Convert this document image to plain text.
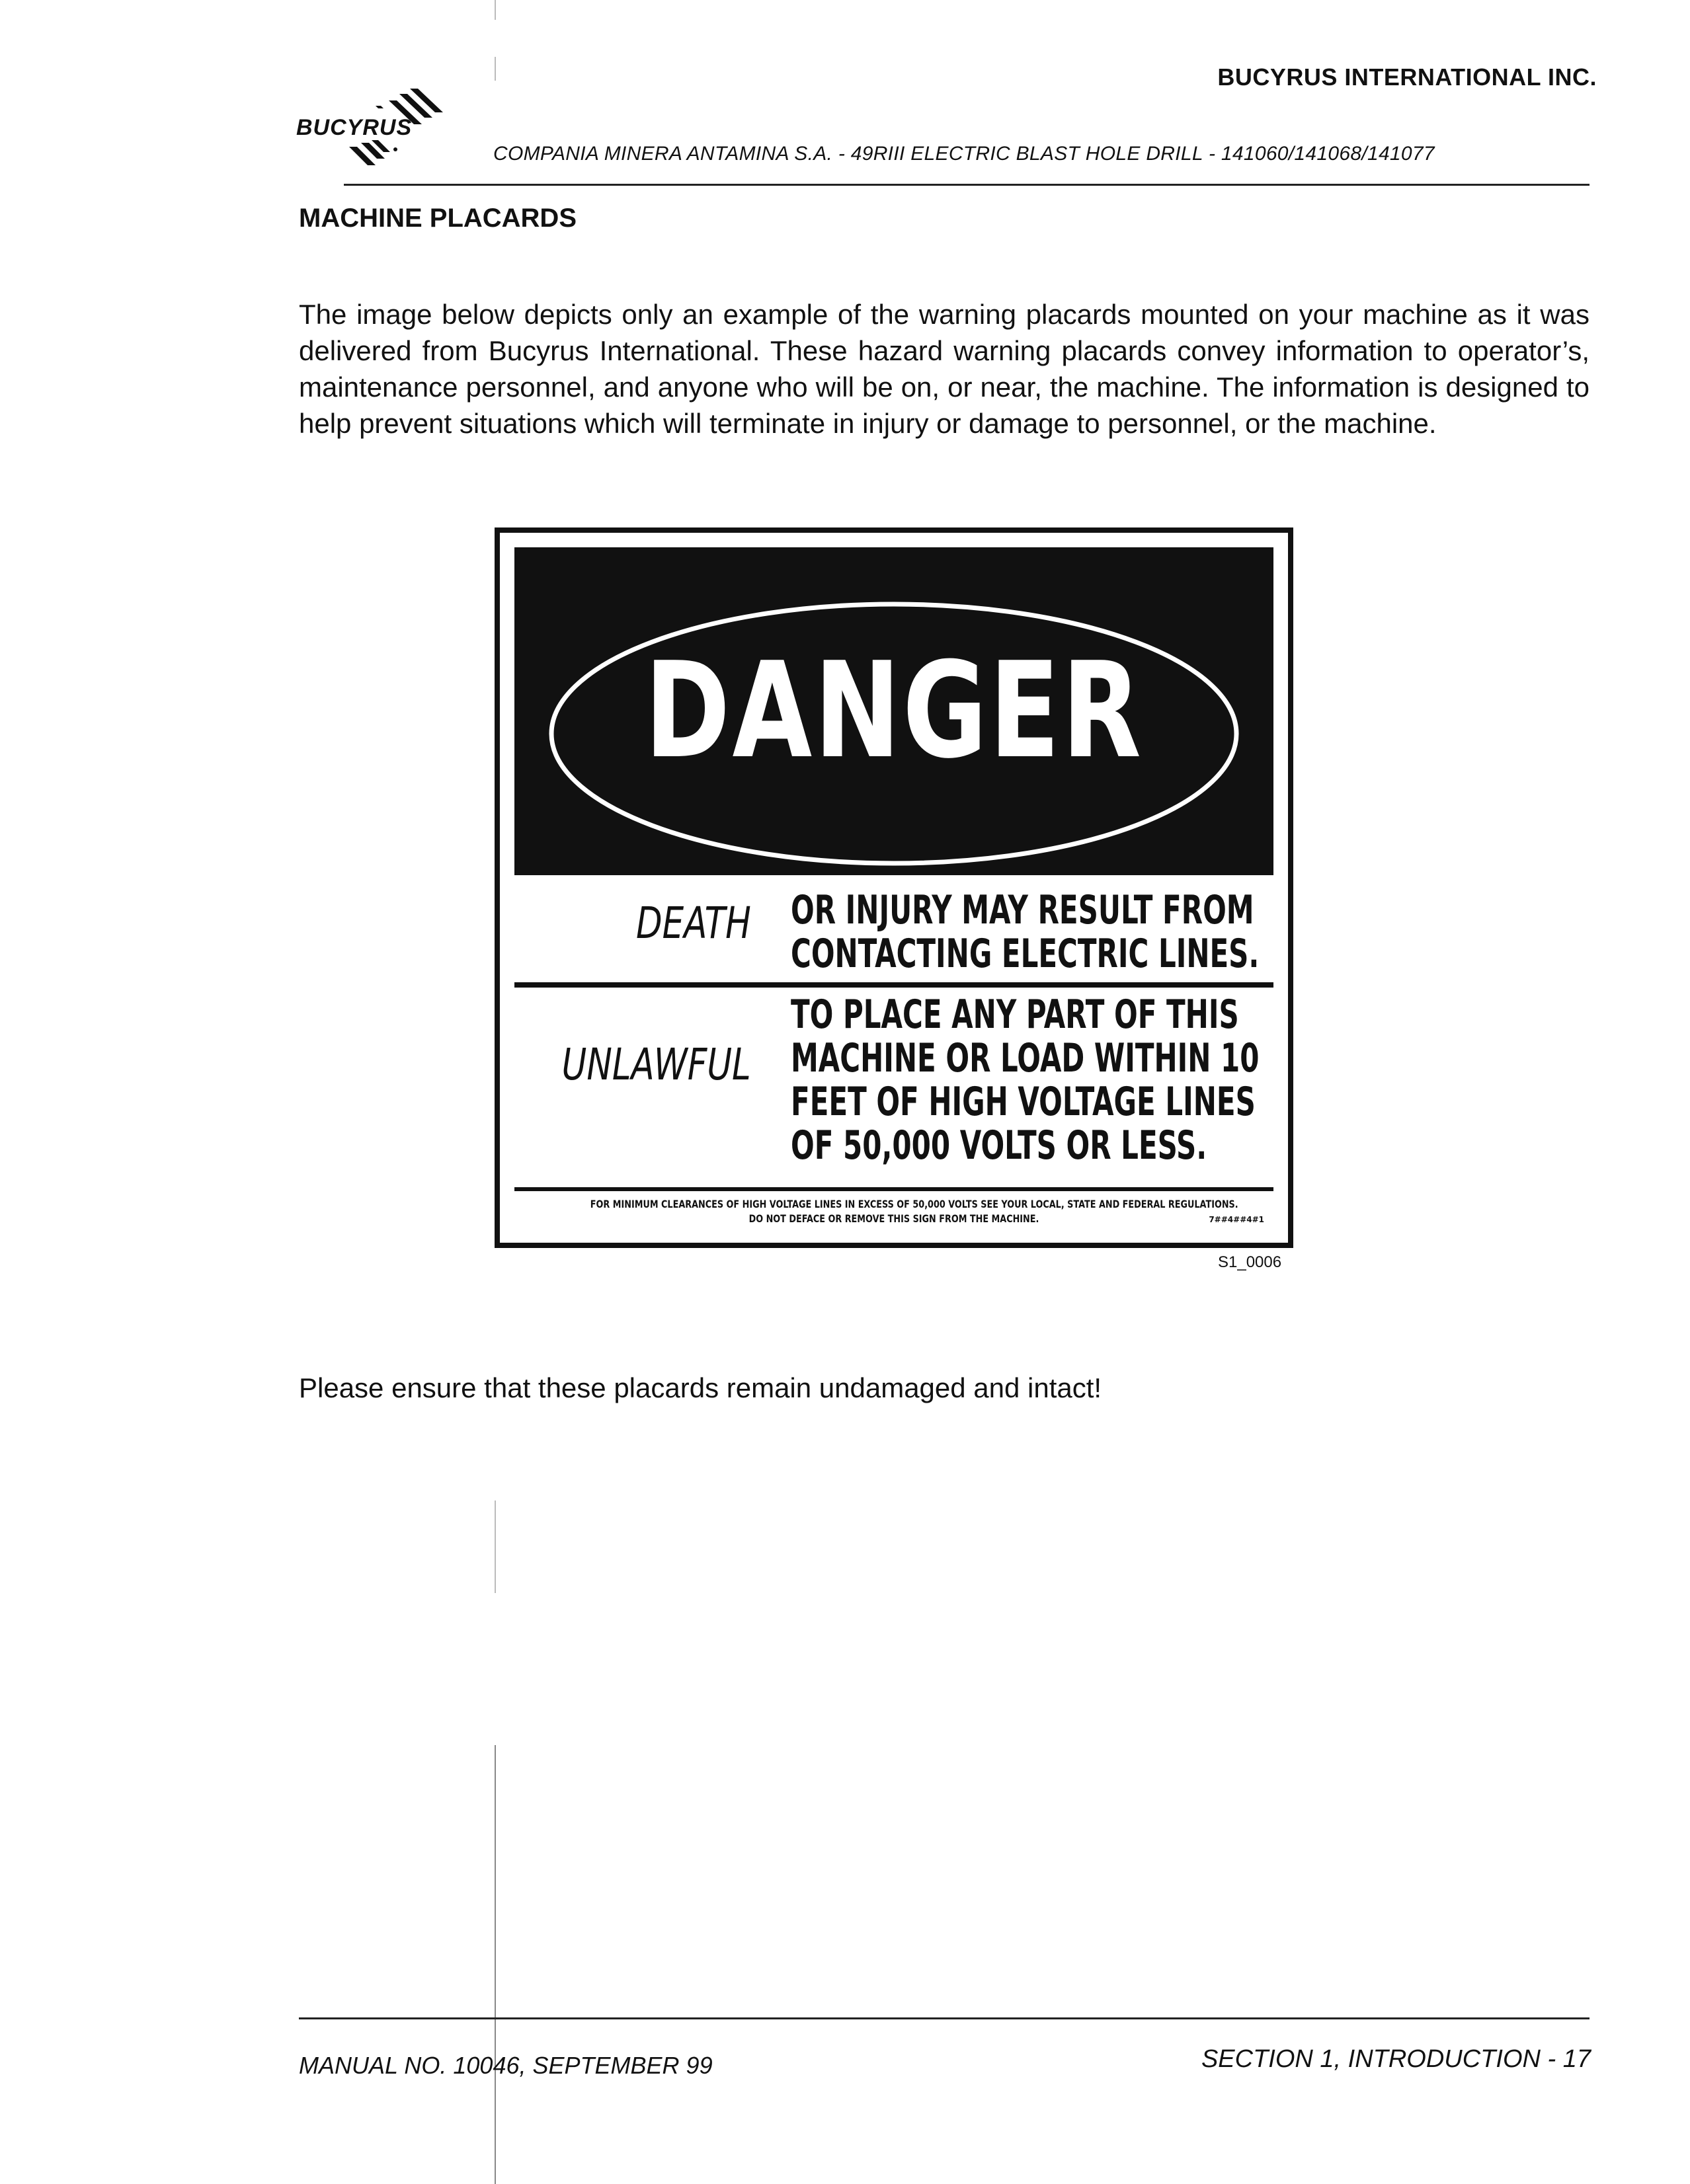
BUCYRUS INTERNATIONAL INC.
BUCYRUS
COMPANIA MINERA ANTAMINA S.A. - 49RIII ELECTRIC BLAST HOLE DRILL - 141060/141068/141077
MACHINE PLACARDS
The image below depicts only an example of the warning placards mounted on your machine as it was delivered from Bucyrus International. These hazard warning placards convey information to operator’s, maintenance personnel, and anyone who will be on, or near, the machine. The information is designed to help prevent situations which will terminate in injury or damage to personnel, or the machine.
DANGER
DEATH OR INJURY MAY RESULT FROM
CONTACTING ELECTRIC LINES.
UNLAWFUL
TO PLACE ANY PART OF THIS
MACHINE OR LOAD WITHIN 10
FEET OF HIGH VOLTAGE LINES
OF 50,000 VOLTS OR LESS.
FOR MINIMUM CLEARANCES OF HIGH VOLTAGE LINES IN EXCESS OF 50,000 VOLTS SEE YOUR LOCAL, STATE AND FEDERAL REGULATIONS.
DO NOT DEFACE OR REMOVE THIS SIGN FROM THE MACHINE.	7##4##4#1
S1_0006
Please ensure that these placards remain undamaged and intact!
MANUAL NO. 10046, SEPTEMBER 99	SECTION 1, INTRODUCTION - 17
